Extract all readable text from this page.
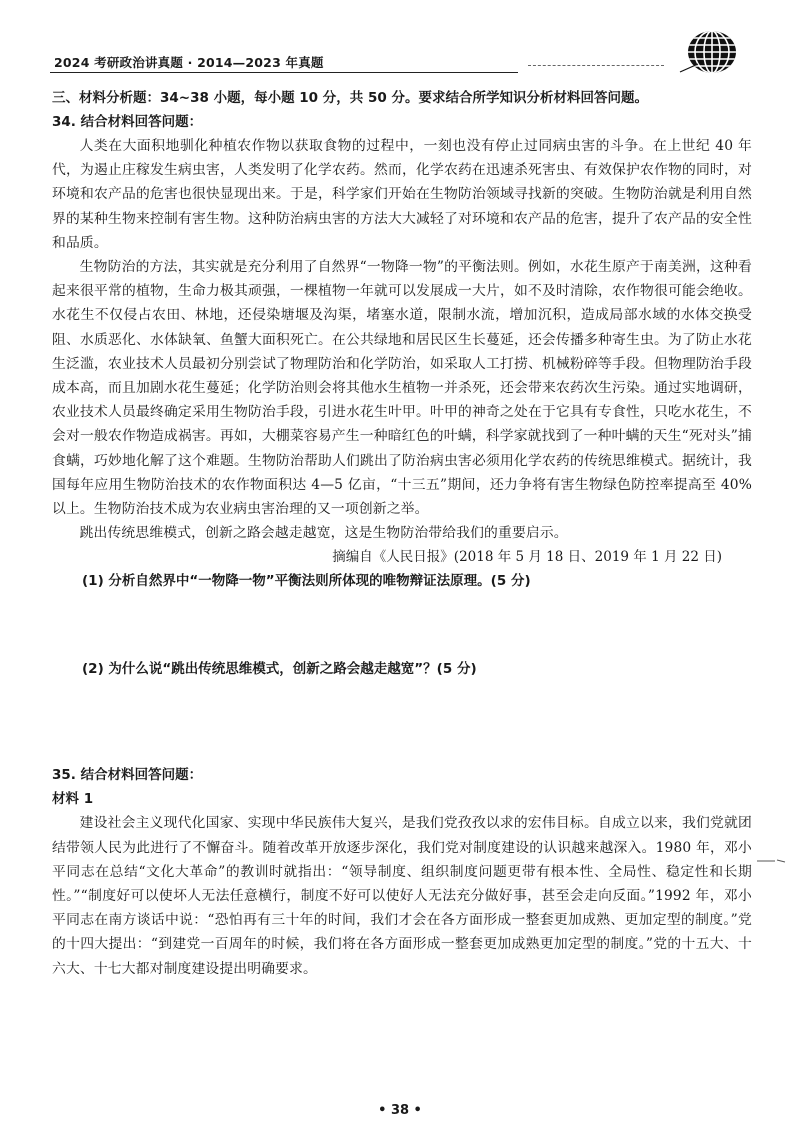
2024 考研政治讲真题 · 2014—2023 年真题
三、材料分析题：34~38 小题，每小题 10 分，共 50 分。要求结合所学知识分析材料回答问题。
34. 结合材料回答问题：

人类在大面积地驯化种植农作物以获取食物的过程中，一刻也没有停止过同病虫害的斗争。在上世纪 40 年代，为遏止庄稼发生病虫害，人类发明了化学农药。然而，化学农药在迅速杀死害虫、有效保护农作物的同时，对环境和农产品的危害也很快显现出来。于是，科学家们开始在生物防治领域寻找新的突破。生物防治就是利用自然界的某种生物来控制有害生物。这种防治病虫害的方法大大减轻了对环境和农产品的危害，提升了农产品的安全性和品质。

生物防治的方法，其实就是充分利用了自然界“一物降一物”的平衡法则。例如，水花生原产于南美洲，这种看起来很平常的植物，生命力极其顽强，一棵植物一年就可以发展成一大片，如不及时清除，农作物很可能会绝收。水花生不仅侵占农田、林地，还侵染塘堰及沟渠，堵塞水道，限制水流，增加沉积，造成局部水域的水体交换受阻、水质恶化、水体缺氧、鱼蟹大面积死亡。在公共绿地和居民区生长蔓延，还会传播多种寄生虫。为了防止水花生泛滥，农业技术人员最初分别尝试了物理防治和化学防治，如采取人工打捞、机械粉碎等手段。但物理防治手段成本高，而且加剧水花生蔓延；化学防治则会将其他水生植物一并杀死，还会带来农药次生污染。通过实地调研，农业技术人员最终确定采用生物防治手段，引进水花生叶甲。叶甲的神奇之处在于它具有专食性，只吃水花生，不会对一般农作物造成祸害。再如，大棚菜容易产生一种暗红色的叶螨，科学家就找到了一种叶螨的天生“死对头”捕食螨，巧妙地化解了这个难题。生物防治帮助人们跳出了防治病虫害必须用化学农药的传统思维模式。据统计，我国每年应用生物防治技术的农作物面积达 4—5 亿亩，“十三五”期间，还力争将有害生物绿色防控率提高至 40% 以上。生物防治技术成为农业病虫害治理的又一项创新之举。

跳出传统思维模式，创新之路会越走越宽，这是生物防治带给我们的重要启示。

摘编自《人民日报》(2018 年 5 月 18 日、2019 年 1 月 22 日)
(1) 分析自然界中“一物降一物”平衡法则所体现的唯物辩证法原理。(5 分)
(2) 为什么说“跳出传统思维模式，创新之路会越走越宽”？(5 分)
35. 结合材料回答问题：
材料 1

建设社会主义现代化国家、实现中华民族伟大复兴，是我们党孜孜以求的宏伟目标。自成立以来，我们党就团结带领人民为此进行了不懈奋斗。随着改革开放逐步深化，我们党对制度建设的认识越来越深入。1980 年，邓小平同志在总结“文化大革命”的教训时就指出：“领导制度、组织制度问题更带有根本性、全局性、稳定性和长期性。”“制度好可以使坏人无法任意横行，制度不好可以使好人无法充分做好事，甚至会走向反面。”1992 年，邓小平同志在南方谈话中说：“恐怕再有三十年的时间，我们才会在各方面形成一整套更加成熟、更加定型的制度。”党的十四大提出：“到建党一百周年的时候，我们将在各方面形成一整套更加成熟更加定型的制度。”党的十五大、十六大、十七大都对制度建设提出明确要求。

• 38 •
